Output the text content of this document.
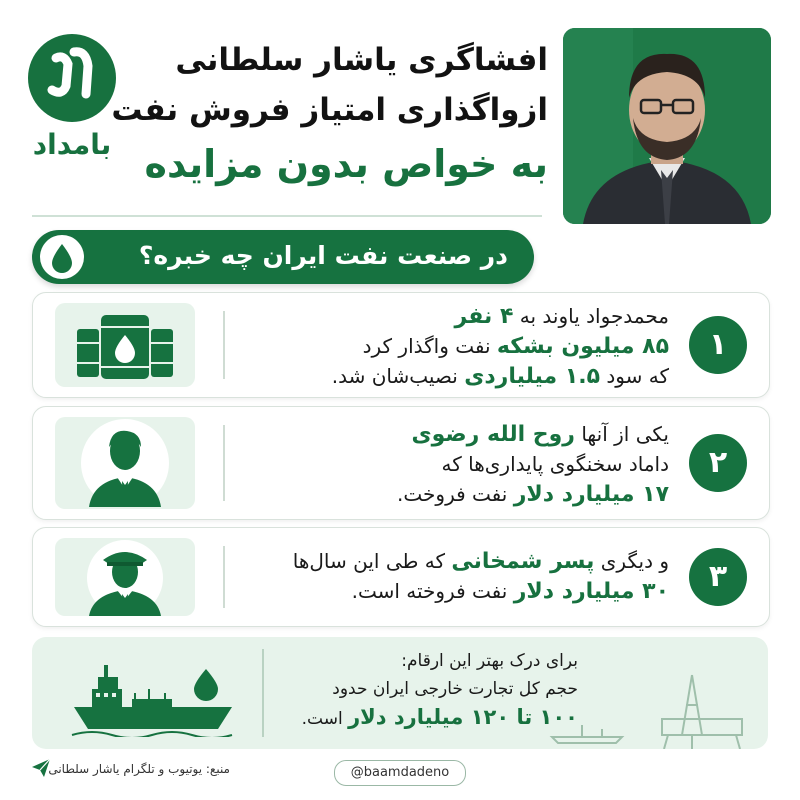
بامداد
افشاگری یاشار سلطانی
ازواگذاری امتیاز فروش نفت
به خواص بدون مزایده
در صنعت نفت ایران چه خبره؟
محمدجواد یاوند به ۴ نفر
۸۵ میلیون بشکه نفت واگذار کرد
که سود ۱.۵ میلیاردی نصیب‌شان شد.
۱
یکی از آنها روح الله رضوی
داماد سخنگوی پایداری‌ها که
۱۷ میلیارد دلار نفت فروخت.
۲
و دیگری پسر شمخانی که طی این سال‌ها
۳۰ میلیارد دلار نفت فروخته است.	۳
برای درک بهتر این ارقام:
حجم کل تجارت خارجی ایران حدود
۱۰۰ تا ۱۲۰ میلیارد دلار است.
منبع: یوتیوب و تلگرام یاشار سلطانی	@baamdadeno
